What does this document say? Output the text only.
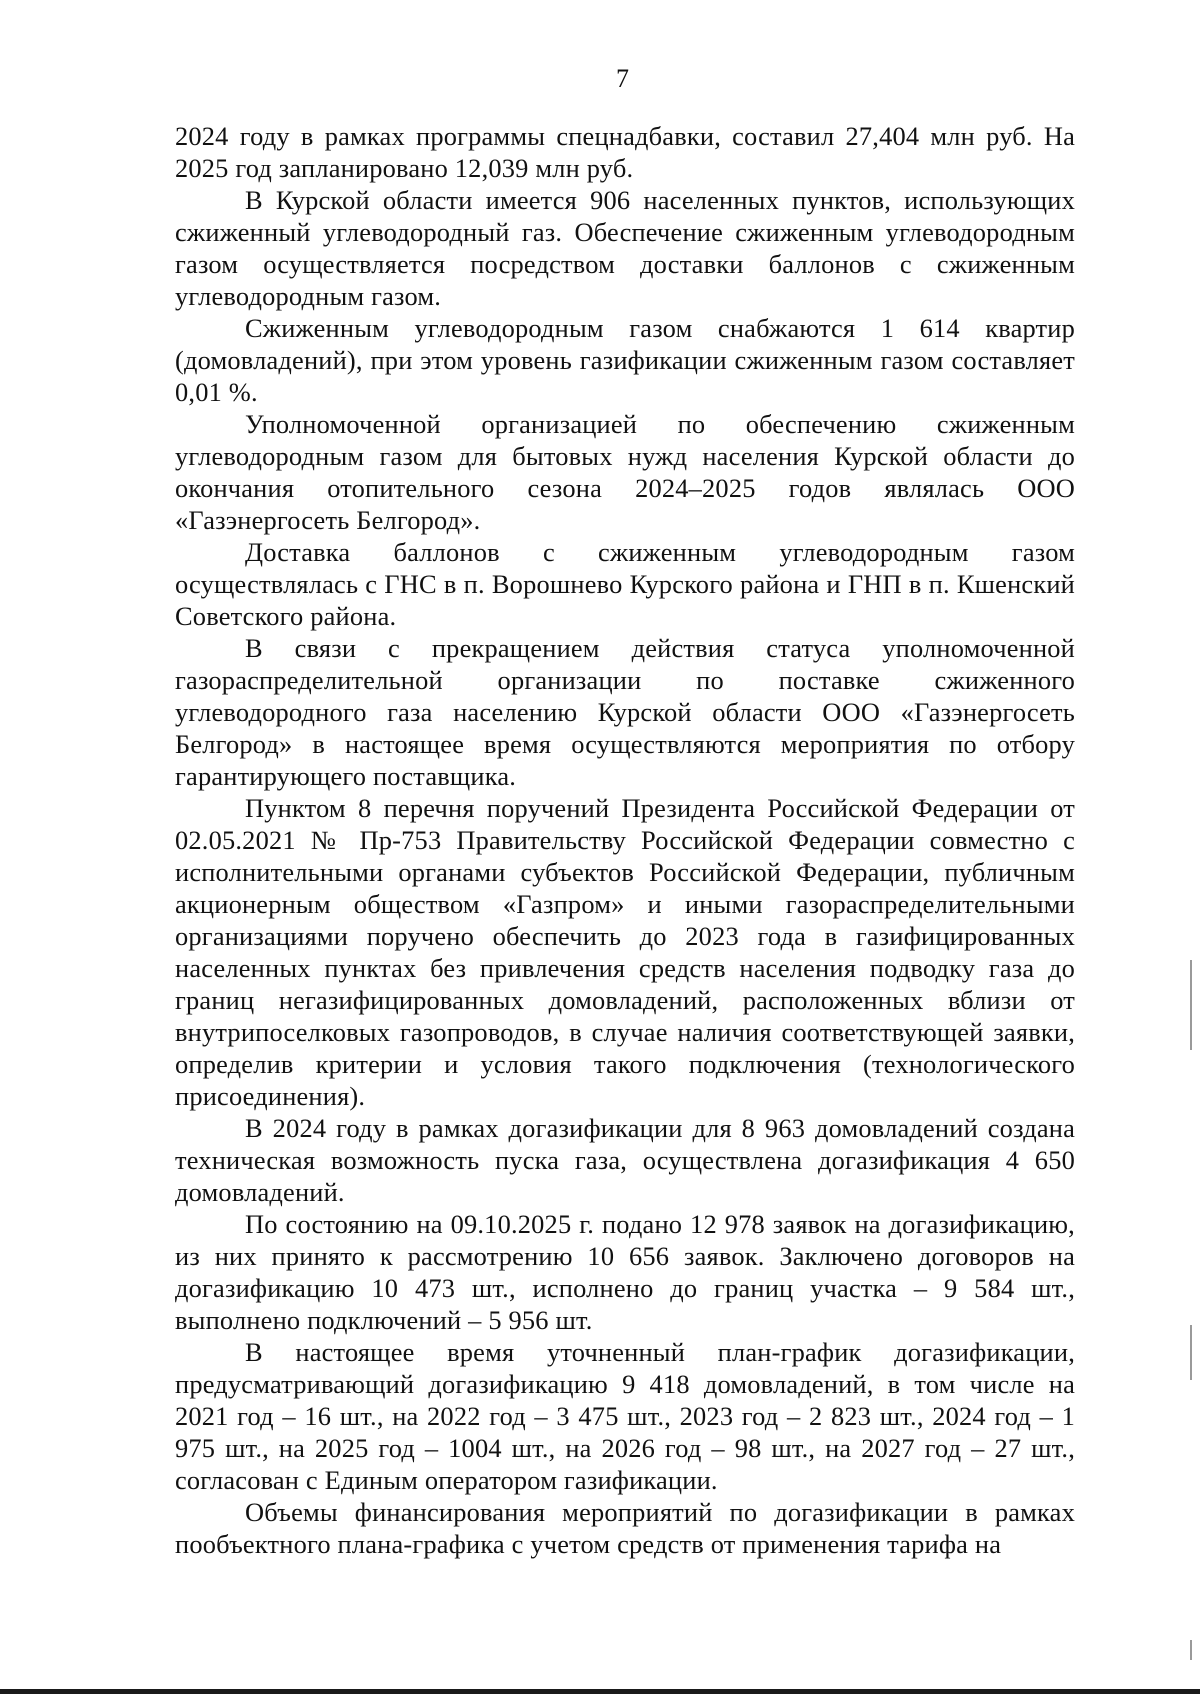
7

2024 году в рамках программы спецнадбавки, составил 27,404 млн руб. На 2025 год запланировано 12,039 млн руб.

В Курской области имеется 906 населенных пунктов, использующих сжиженный углеводородный газ. Обеспечение сжиженным углеводородным газом осуществляется посредством доставки баллонов с сжиженным углеводородным газом.

Сжиженным углеводородным газом снабжаются 1 614 квартир (домовладений), при этом уровень газификации сжиженным газом составляет 0,01 %.

Уполномоченной организацией по обеспечению сжиженным углеводородным газом для бытовых нужд населения Курской области до окончания отопительного сезона 2024–2025 годов являлась ООО «Газэнергосеть Белгород».

Доставка баллонов с сжиженным углеводородным газом осуществлялась с ГНС в п. Ворошнево Курского района и ГНП в п. Кшенский Советского района.

В связи с прекращением действия статуса уполномоченной газораспределительной организации по поставке сжиженного углеводородного газа населению Курской области ООО «Газэнергосеть Белгород» в настоящее время осуществляются мероприятия по отбору гарантирующего поставщика.

Пунктом 8 перечня поручений Президента Российской Федерации от 02.05.2021 № Пр-753 Правительству Российской Федерации совместно с исполнительными органами субъектов Российской Федерации, публичным акционерным обществом «Газпром» и иными газораспределительными организациями поручено обеспечить до 2023 года в газифицированных населенных пунктах без привлечения средств населения подводку газа до границ негазифицированных домовладений, расположенных вблизи от внутрипоселковых газопроводов, в случае наличия соответствующей заявки, определив критерии и условия такого подключения (технологического присоединения).

В 2024 году в рамках догазификации для 8 963 домовладений создана техническая возможность пуска газа, осуществлена догазификация 4 650 домовладений.

По состоянию на 09.10.2025 г. подано 12 978 заявок на догазификацию, из них принято к рассмотрению 10 656 заявок. Заключено договоров на догазификацию 10 473 шт., исполнено до границ участка – 9 584 шт., выполнено подключений – 5 956 шт.

В настоящее время уточненный план-график догазификации, предусматривающий догазификацию 9 418 домовладений, в том числе на 2021 год – 16 шт., на 2022 год – 3 475 шт., 2023 год – 2 823 шт., 2024 год – 1 975 шт., на 2025 год – 1004 шт., на 2026 год – 98 шт., на 2027 год – 27 шт., согласован с Единым оператором газификации.

Объемы финансирования мероприятий по догазификации в рамках пообъектного плана-графика с учетом средств от применения тарифа на
